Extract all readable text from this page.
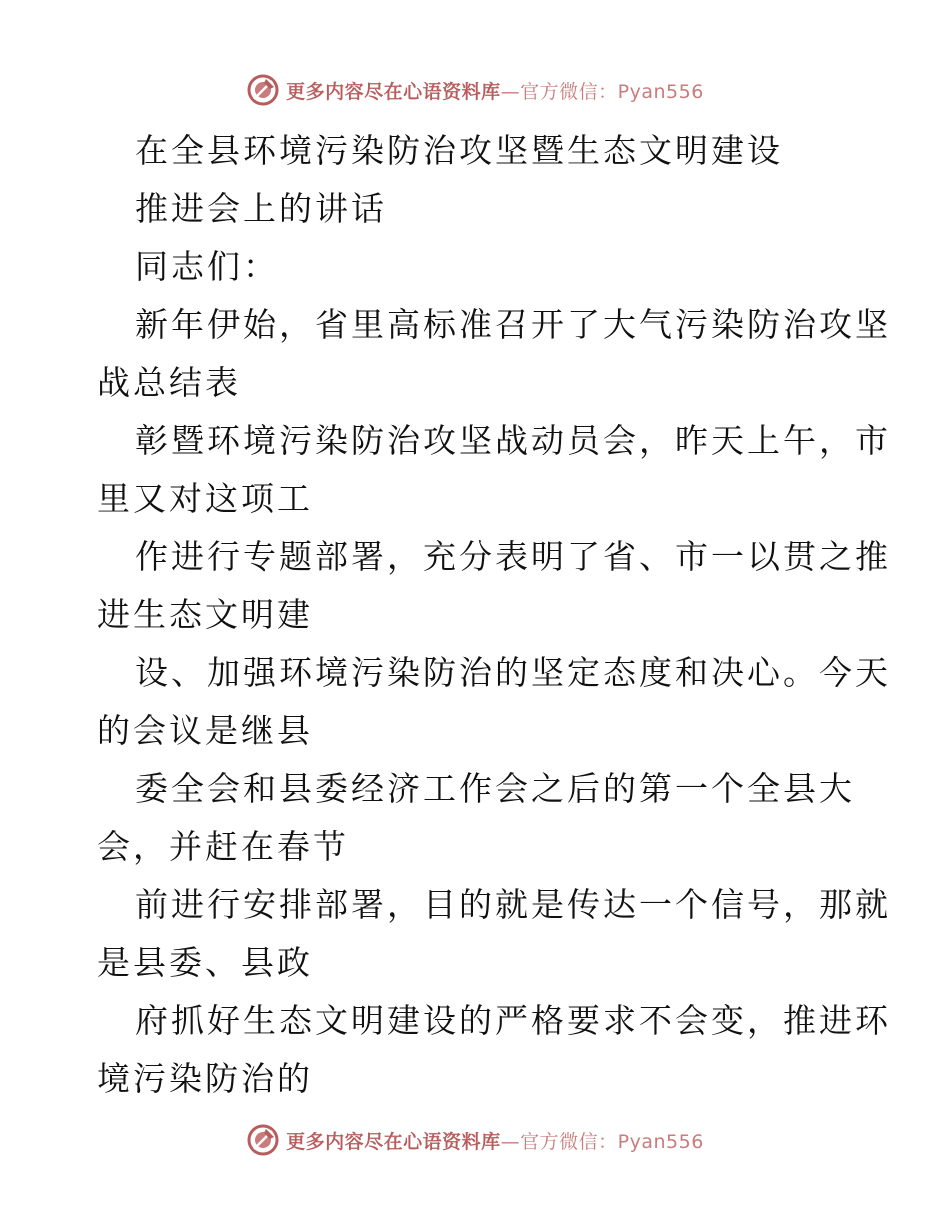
更多内容尽在心语资料库—官方微信：Pyan556
在全县环境污染防治攻坚暨生态文明建设
推进会上的讲话
同志们：
新年伊始，省里高标准召开了大气污染防治攻坚
战总结表
彰暨环境污染防治攻坚战动员会，昨天上午，市
里又对这项工
作进行专题部署，充分表明了省、市一以贯之推
进生态文明建
设、加强环境污染防治的坚定态度和决心。今天
的会议是继县
委全会和县委经济工作会之后的第一个全县大
会，并赶在春节
前进行安排部署，目的就是传达一个信号，那就
是县委、县政
府抓好生态文明建设的严格要求不会变，推进环
境污染防治的
更多内容尽在心语资料库—官方微信：Pyan556
